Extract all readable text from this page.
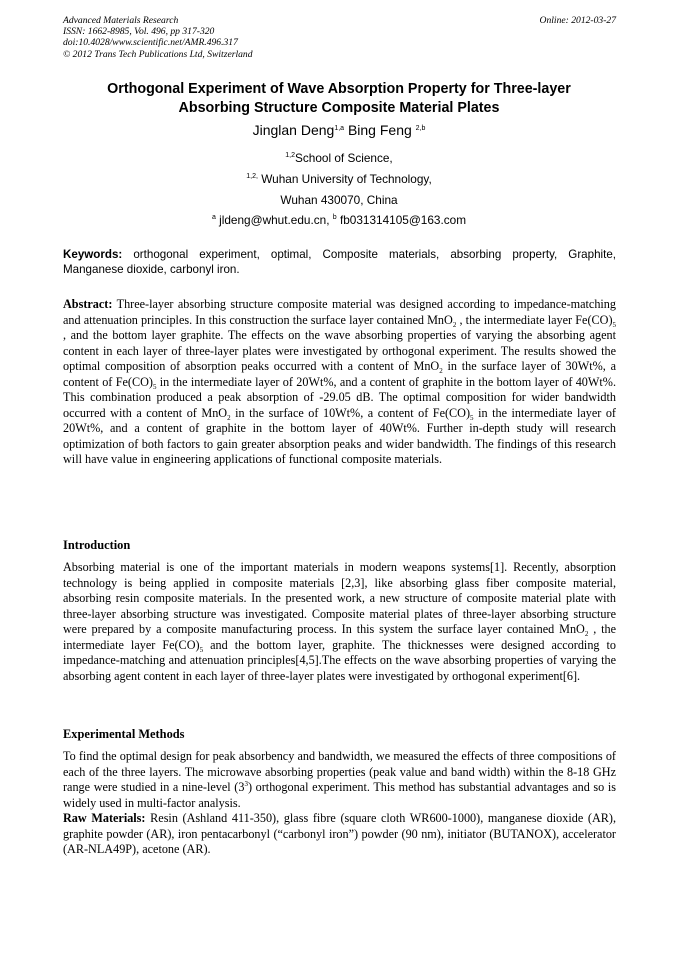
Advanced Materials Research
ISSN: 1662-8985, Vol. 496, pp 317-320
doi:10.4028/www.scientific.net/AMR.496.317
© 2012 Trans Tech Publications Ltd, Switzerland
Online: 2012-03-27
Orthogonal Experiment of Wave Absorption Property for Three-layer
Absorbing Structure Composite Material Plates
Jinglan Deng$^{1,a}$ Bing Feng $^{2,b}$
$^{1,2}$School of Science,
$^{1,2,}$ Wuhan University of Technology,
Wuhan 430070, China
$^a$ jldeng@whut.edu.cn, $^b$ fb031314105@163.com
Keywords: orthogonal experiment, optimal, Composite materials, absorbing property, Graphite, Manganese dioxide, carbonyl iron.

Abstract: Three-layer absorbing structure composite material was designed according to impedance-matching and attenuation principles. In this construction the surface layer contained MnO$_2$ , the intermediate layer $Fe(CO)_5$ , and the bottom layer graphite. The effects on the wave absorbing properties of varying the absorbing agent content in each layer of three-layer plates were investigated by orthogonal experiment. The results showed the optimal composition of absorption peaks occurred with a content of MnO$_2$ in the surface layer of 30Wt%, a content of $Fe(CO)_5$ in the intermediate layer of 20Wt%, and a content of graphite in the bottom layer of 40Wt%. This combination produced a peak absorption of -29.05 dB. The optimal composition for wider bandwidth occurred with a content of MnO$_2$ in the surface of 10Wt%, a content of $Fe(CO)_5$ in the intermediate layer of 20Wt%, and a content of graphite in the bottom layer of 40Wt%. Further in-depth study will research optimization of both factors to gain greater absorption peaks and wider bandwidth. The findings of this research will have value in engineering applications of functional composite materials.

Introduction

Absorbing material is one of the important materials in modern weapons systems[1]. Recently, absorption technology is being applied in composite materials [2,3], like absorbing glass fiber composite material, absorbing resin composite materials. In the presented work, a new structure of composite material plate with three-layer absorbing structure was investigated. Composite material plates of three-layer absorbing structure were prepared by a composite manufacturing process. In this system the surface layer contained MnO$_2$ , the intermediate layer $Fe(CO)_5$ and the bottom layer, graphite. The thicknesses were designed according to impedance-matching and attenuation principles[4,5].The effects on the wave absorbing properties of varying the absorbing agent content in each layer of three-layer plates were investigated by orthogonal experiment[6].

Experimental Methods

To find the optimal design for peak absorbency and bandwidth, we measured the effects of three compositions of each of the three layers. The microwave absorbing properties (peak value and band width) within the 8-18 GHz range were studied in a nine-level $(3^3)$ orthogonal experiment. This method has substantial advantages and so is widely used in multi-factor analysis.

Raw Materials: Resin (Ashland 411-350), glass fibre (square cloth WR600-1000), manganese dioxide (AR), graphite powder (AR), iron pentacarbonyl (“carbonyl iron”) powder (90 nm), initiator (BUTANOX), accelerator (AR-NLA49P), acetone (AR).
